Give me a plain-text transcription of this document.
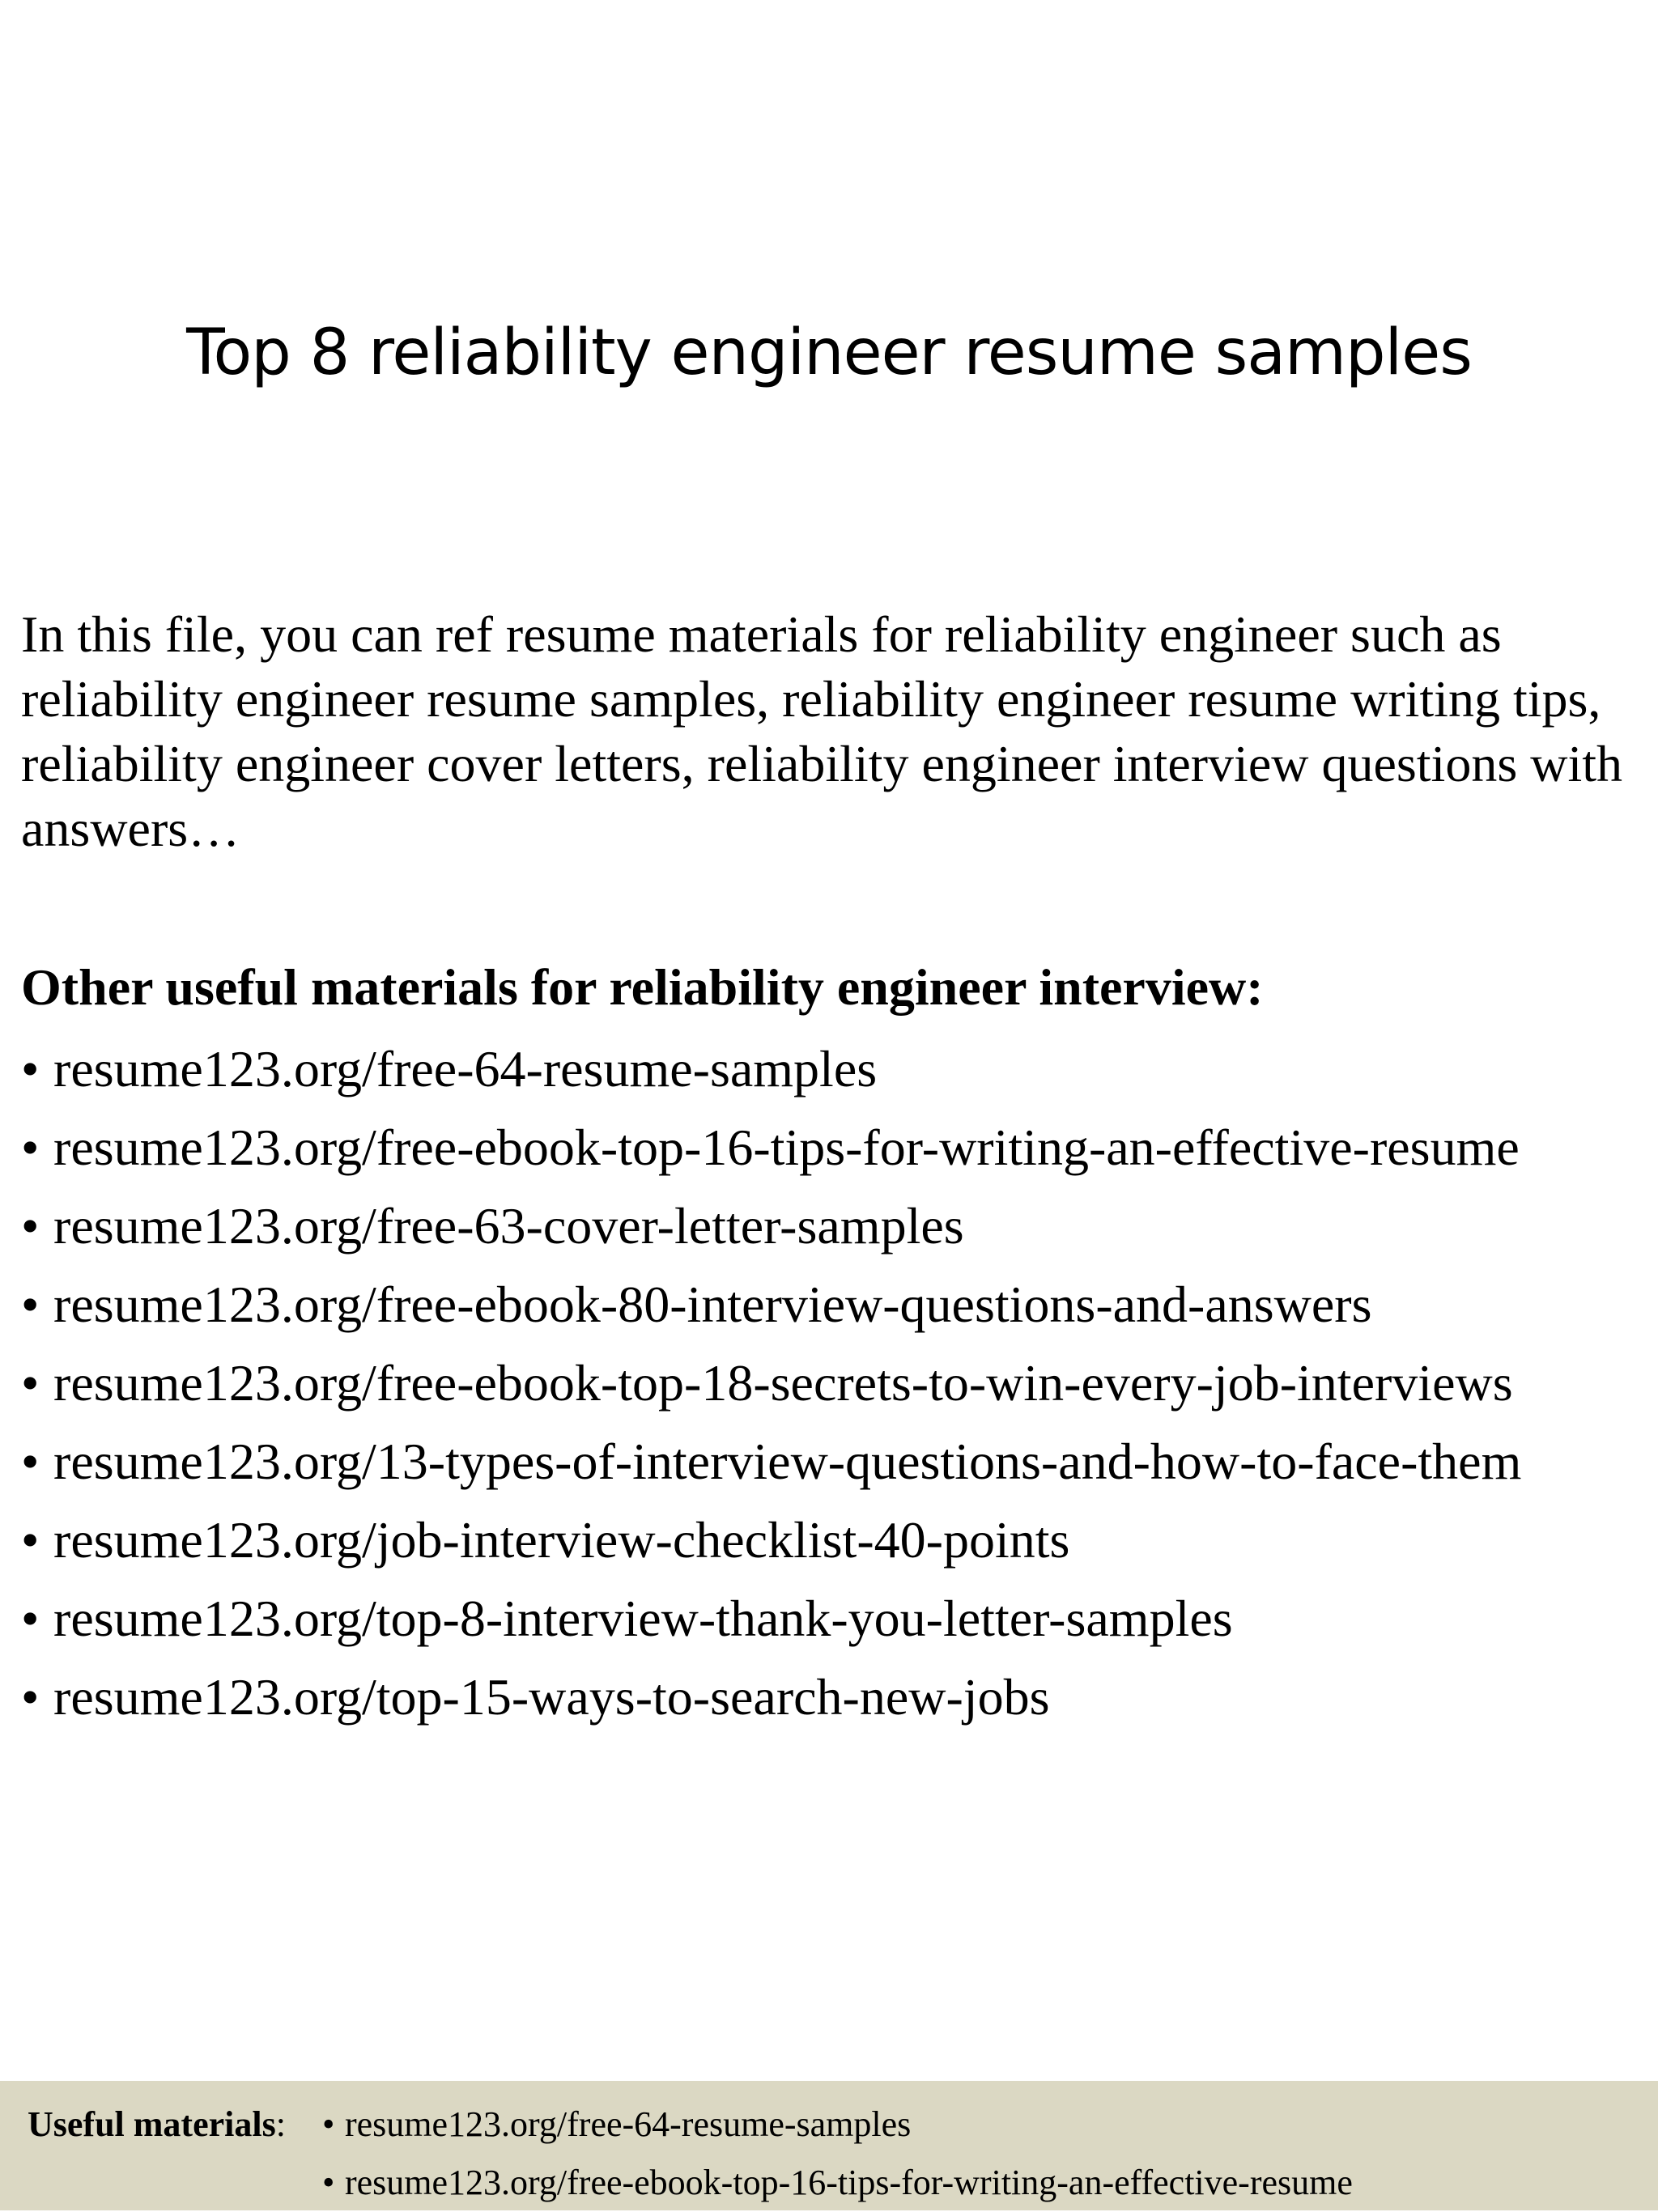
Top 8 reliability engineer resume samples
In this file, you can ref resume materials for reliability engineer such as reliability engineer resume samples, reliability engineer resume writing tips, reliability engineer cover letters, reliability engineer interview questions with answers…
Other useful materials for reliability engineer interview:
• resume123.org/free-64-resume-samples
• resume123.org/free-ebook-top-16-tips-for-writing-an-effective-resume
• resume123.org/free-63-cover-letter-samples
• resume123.org/free-ebook-80-interview-questions-and-answers
• resume123.org/free-ebook-top-18-secrets-to-win-every-job-interviews
• resume123.org/13-types-of-interview-questions-and-how-to-face-them
• resume123.org/job-interview-checklist-40-points
• resume123.org/top-8-interview-thank-you-letter-samples
• resume123.org/top-15-ways-to-search-new-jobs
Useful materials: • resume123.org/free-64-resume-samples
• resume123.org/free-ebook-top-16-tips-for-writing-an-effective-resume
